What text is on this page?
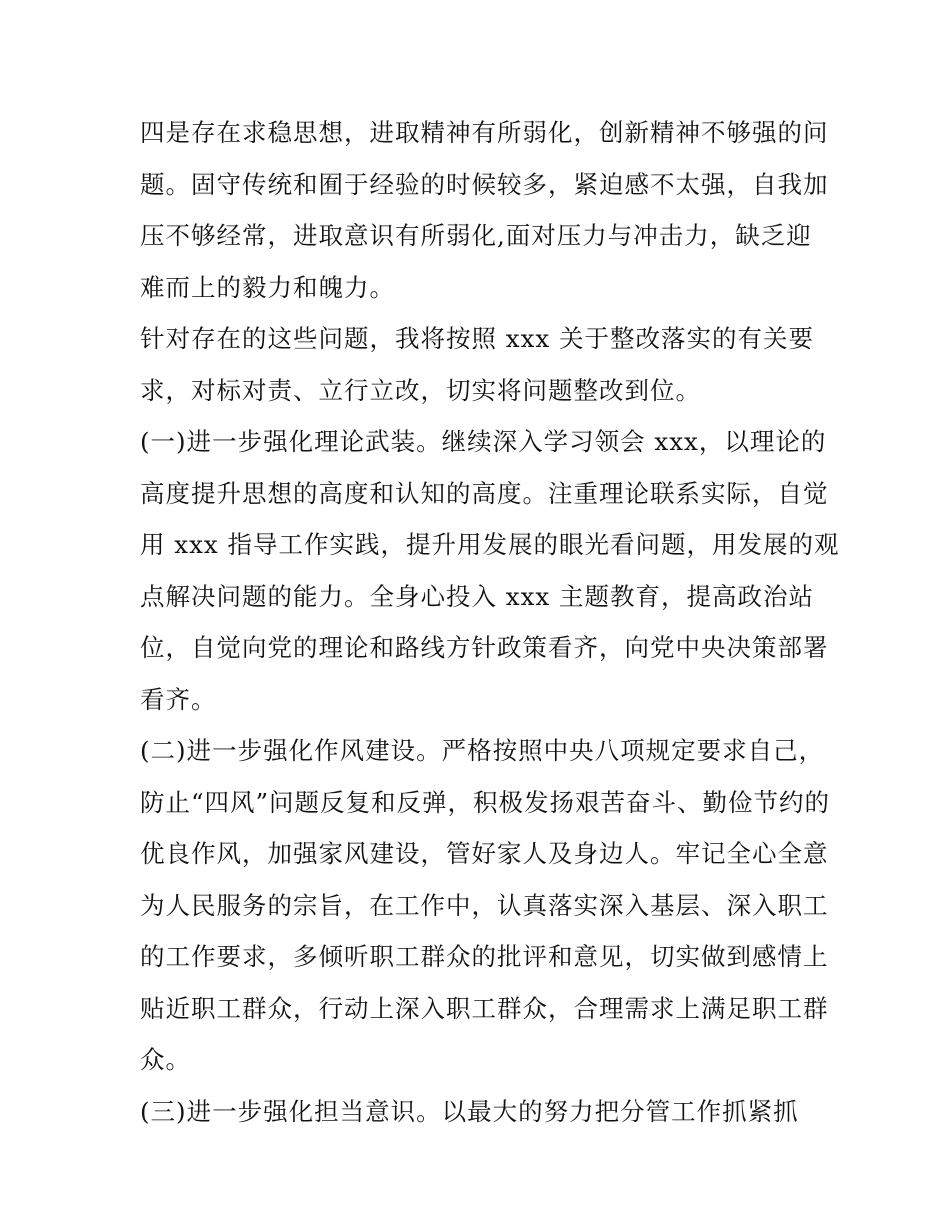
四是存在求稳思想，进取精神有所弱化，创新精神不够强的问
题。固守传统和囿于经验的时候较多，紧迫感不太强，自我加
压不够经常，进取意识有所弱化,面对压力与冲击力，缺乏迎
难而上的毅力和魄力。
针对存在的这些问题，我将按照 xxx 关于整改落实的有关要
求，对标对责、立行立改，切实将问题整改到位。
(一)进一步强化理论武装。继续深入学习领会 xxx，以理论的
高度提升思想的高度和认知的高度。注重理论联系实际，自觉
用 xxx 指导工作实践，提升用发展的眼光看问题，用发展的观
点解决问题的能力。全身心投入 xxx 主题教育，提高政治站
位，自觉向党的理论和路线方针政策看齐，向党中央决策部署
看齐。
(二)进一步强化作风建设。严格按照中央八项规定要求自己，
防止“四风”问题反复和反弹，积极发扬艰苦奋斗、勤俭节约的
优良作风，加强家风建设，管好家人及身边人。牢记全心全意
为人民服务的宗旨，在工作中，认真落实深入基层、深入职工
的工作要求，多倾听职工群众的批评和意见，切实做到感情上
贴近职工群众，行动上深入职工群众，合理需求上满足职工群
众。
(三)进一步强化担当意识。以最大的努力把分管工作抓紧抓
